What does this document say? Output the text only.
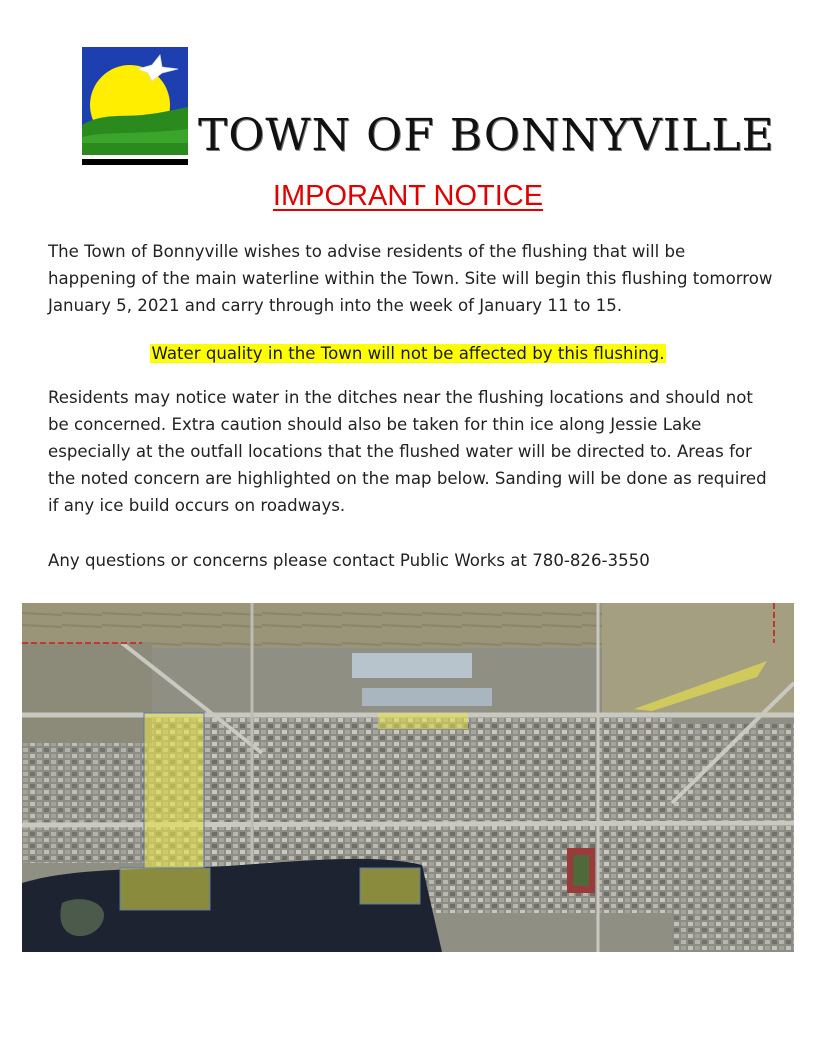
TOWN OF BONNYVILLE
IMPORANT NOTICE

The Town of Bonnyville wishes to advise residents of the flushing that will be happening of the main waterline within the Town. Site will begin this flushing tomorrow January 5, 2021 and carry through into the week of January 11 to 15.

Water quality in the Town will not be affected by this flushing.

Residents may notice water in the ditches near the flushing locations and should not be concerned. Extra caution should also be taken for thin ice along Jessie Lake especially at the outfall locations that the flushed water will be directed to. Areas for the noted concern are highlighted on the map below. Sanding will be done as required if any ice build occurs on roadways.

Any questions or concerns please contact Public Works at 780-826-3550
